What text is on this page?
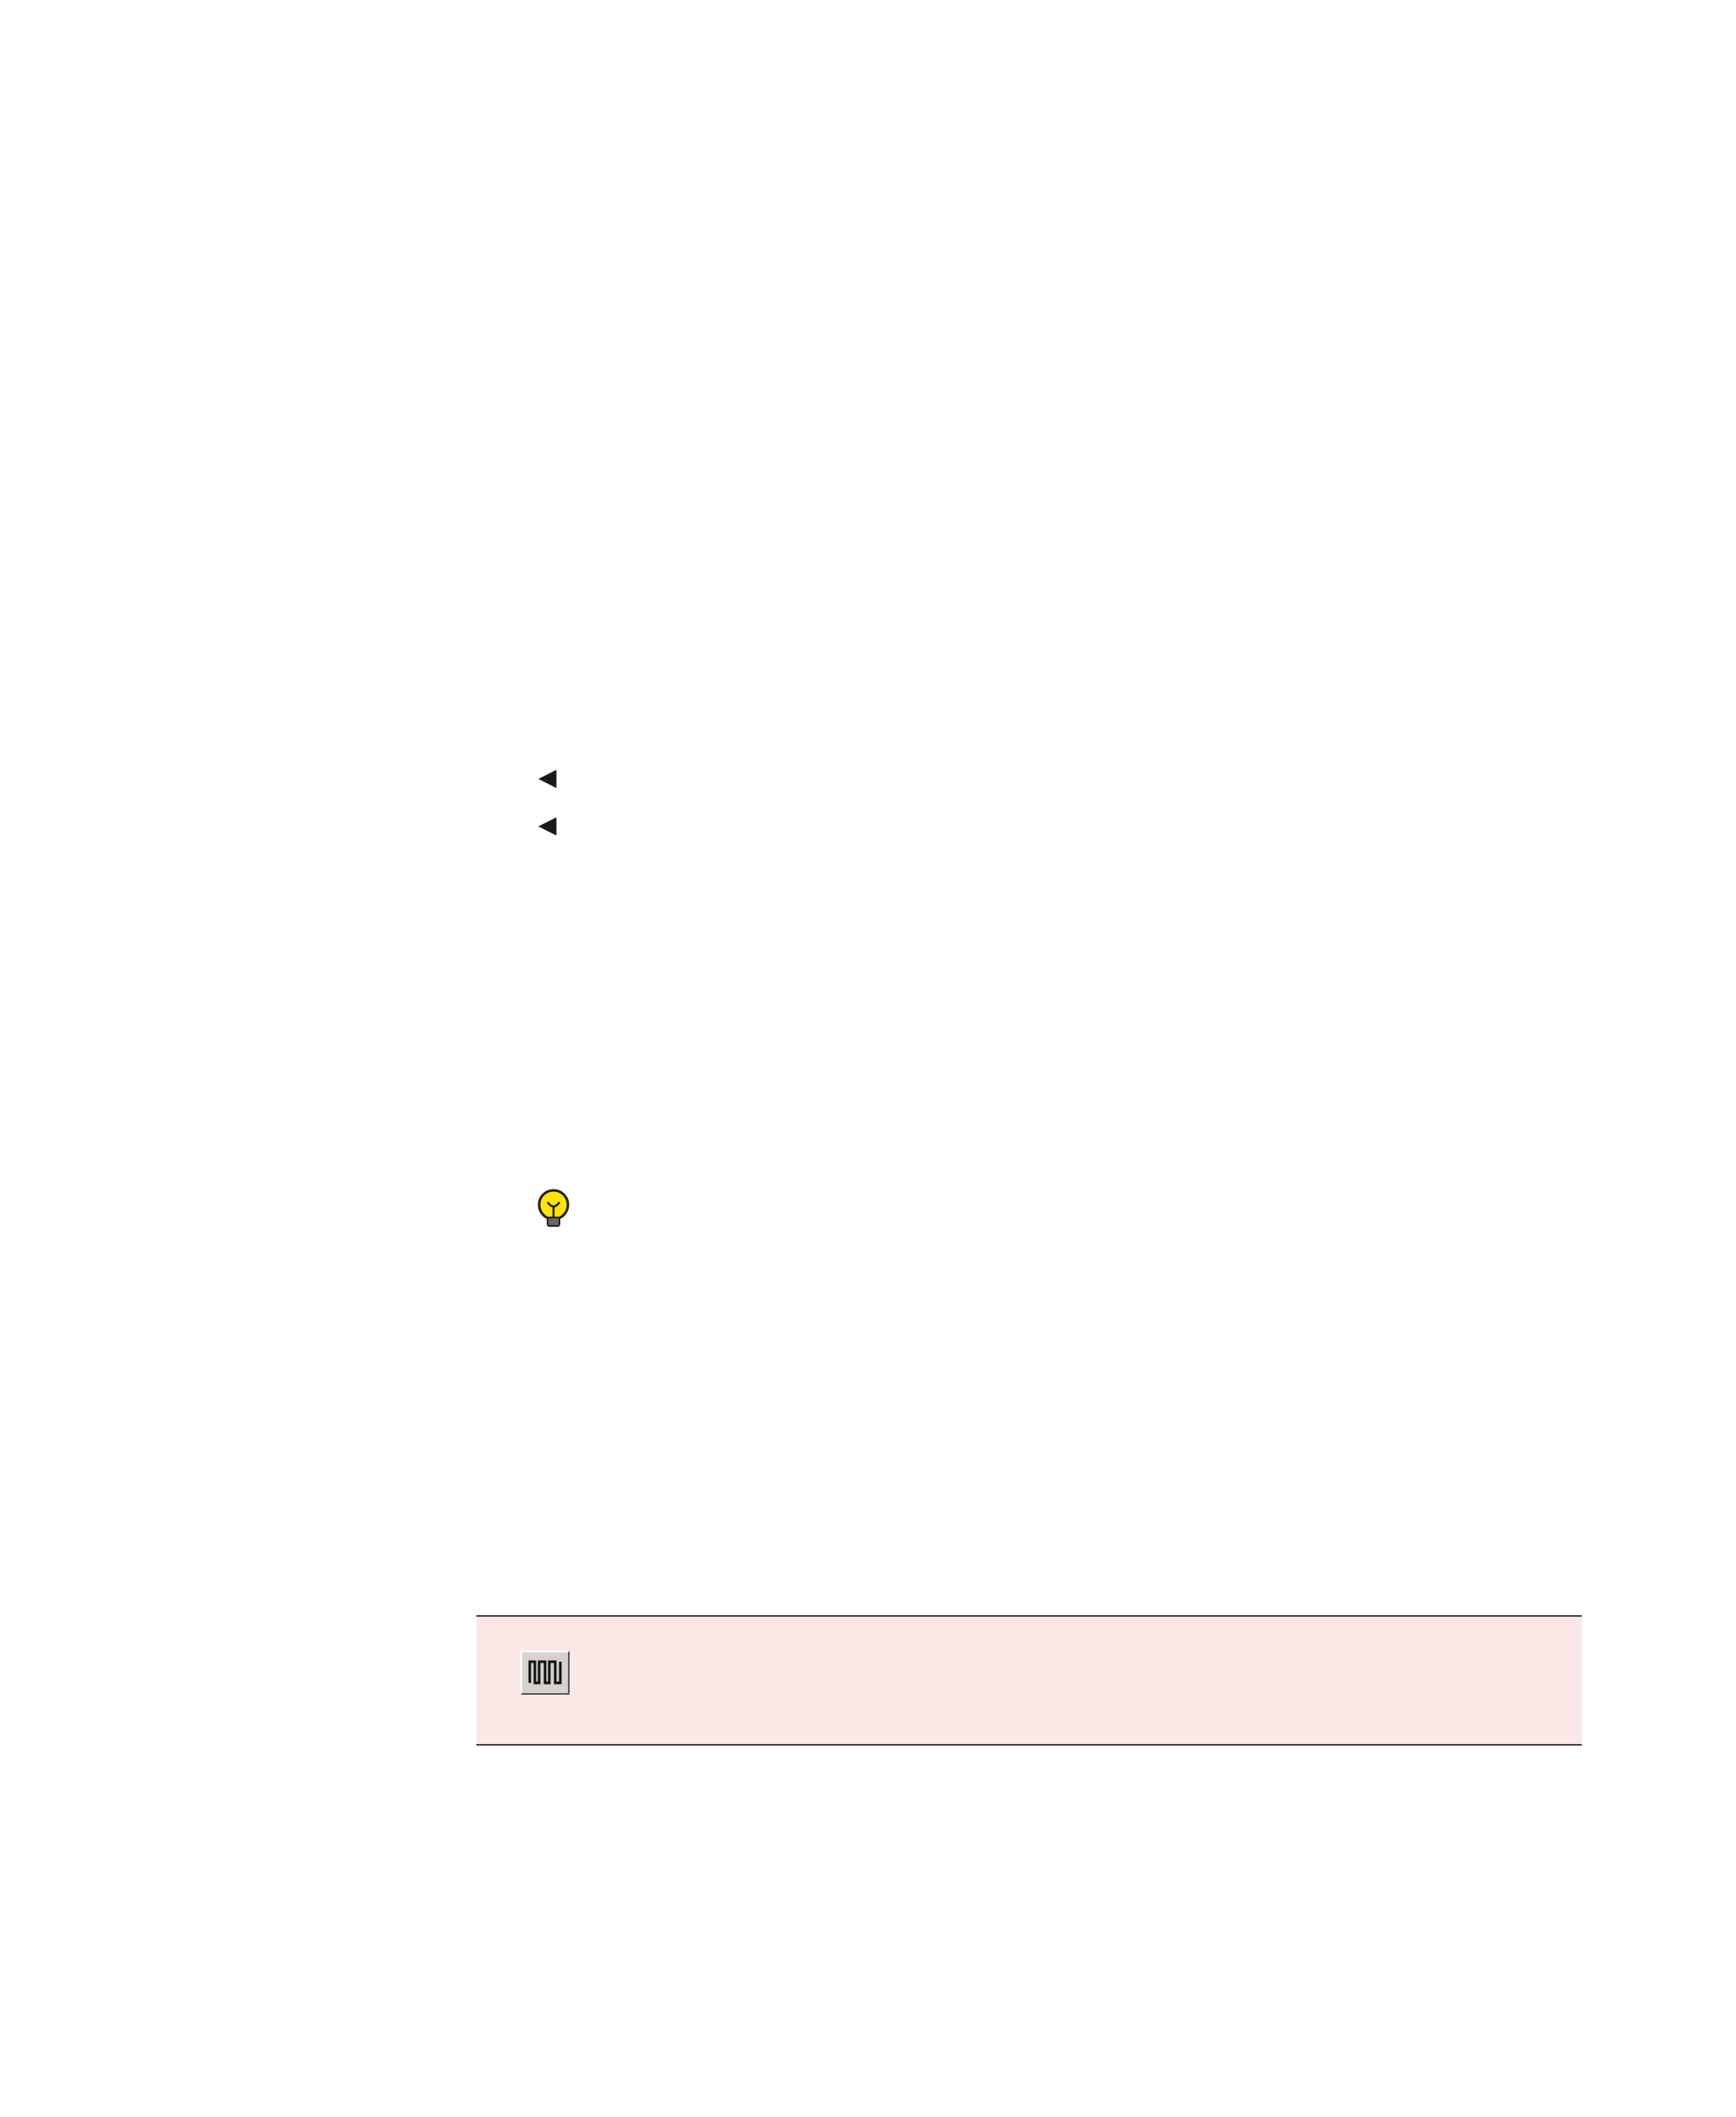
◀
◀
